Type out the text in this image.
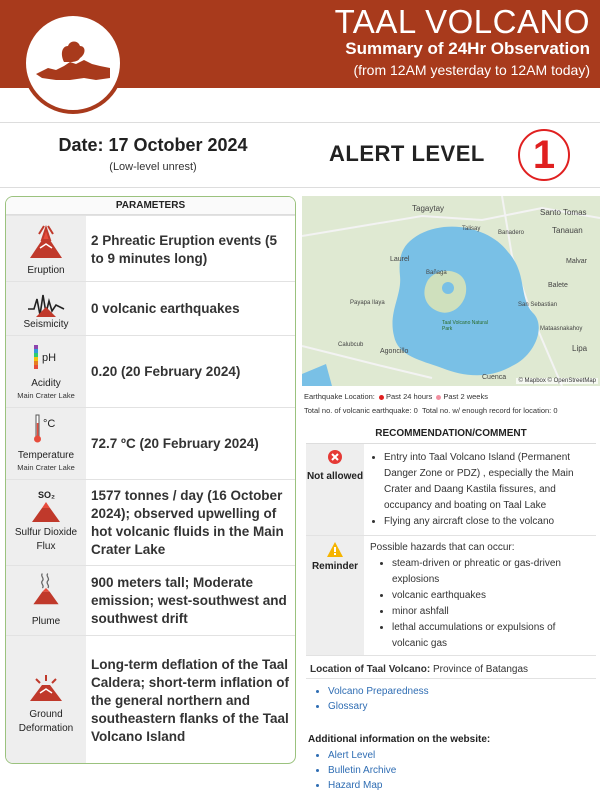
TAAL VOLCANO
Summary of 24Hr Observation
(from 12AM yesterday to 12AM today)
Date: 17 October 2024
(Low-level unrest)
ALERT LEVEL	1
PARAMETERS
Eruption
2 Phreatic Eruption events (5 to 9 minutes long)
Seismicity
0 volcanic earthquakes
pH
Acidity
Main Crater Lake
0.20 (20 February 2024)
°C
Temperature
Main Crater Lake
72.7 ºC (20 February 2024)
SO₂
Sulfur Dioxide Flux
1577 tonnes / day (16 October 2024); observed upwelling of hot volcanic fluids in the Main Crater Lake
Plume
900 meters tall; Moderate emission; west-southwest and southwest drift
Ground Deformation
Long-term deflation of the Taal Caldera; short-term inflation of the general northern and southeastern flanks of the Taal Volcano Island
Tagaytay	Santo Tomas
Tanauan
Talisay
Banadero
Laurel	Malvar
Balete
Bañaga
Payapa Ilaya	San Sebastian
Taal Volcano Natural Park
Agoncillo
Mataasnakahoy
Calubcub	Lipa
Cuenca	© Mapbox © OpenStreetMap
Earthquake Location: Past 24 hours Past 2 weeks
Total no. of volcanic earthquake: 0 Total no. w/ enough record for location: 0
RECOMMENDATION/COMMENT
Not allowed
• Entry into Taal Volcano Island (Permanent Danger Zone or PDZ) , especially the Main Crater and Daang Kastila fissures, and occupancy and boating on Taal Lake
• Flying any aircraft close to the volcano
Reminder
Possible hazards that can occur:
• steam-driven or phreatic or gas-driven explosions
• volcanic earthquakes
• minor ashfall
• lethal accumulations or expulsions of volcanic gas
Location of Taal Volcano: Province of Batangas
• Volcano Preparedness
• Glossary
Additional information on the website:
• Alert Level
• Bulletin Archive
• Hazard Map
